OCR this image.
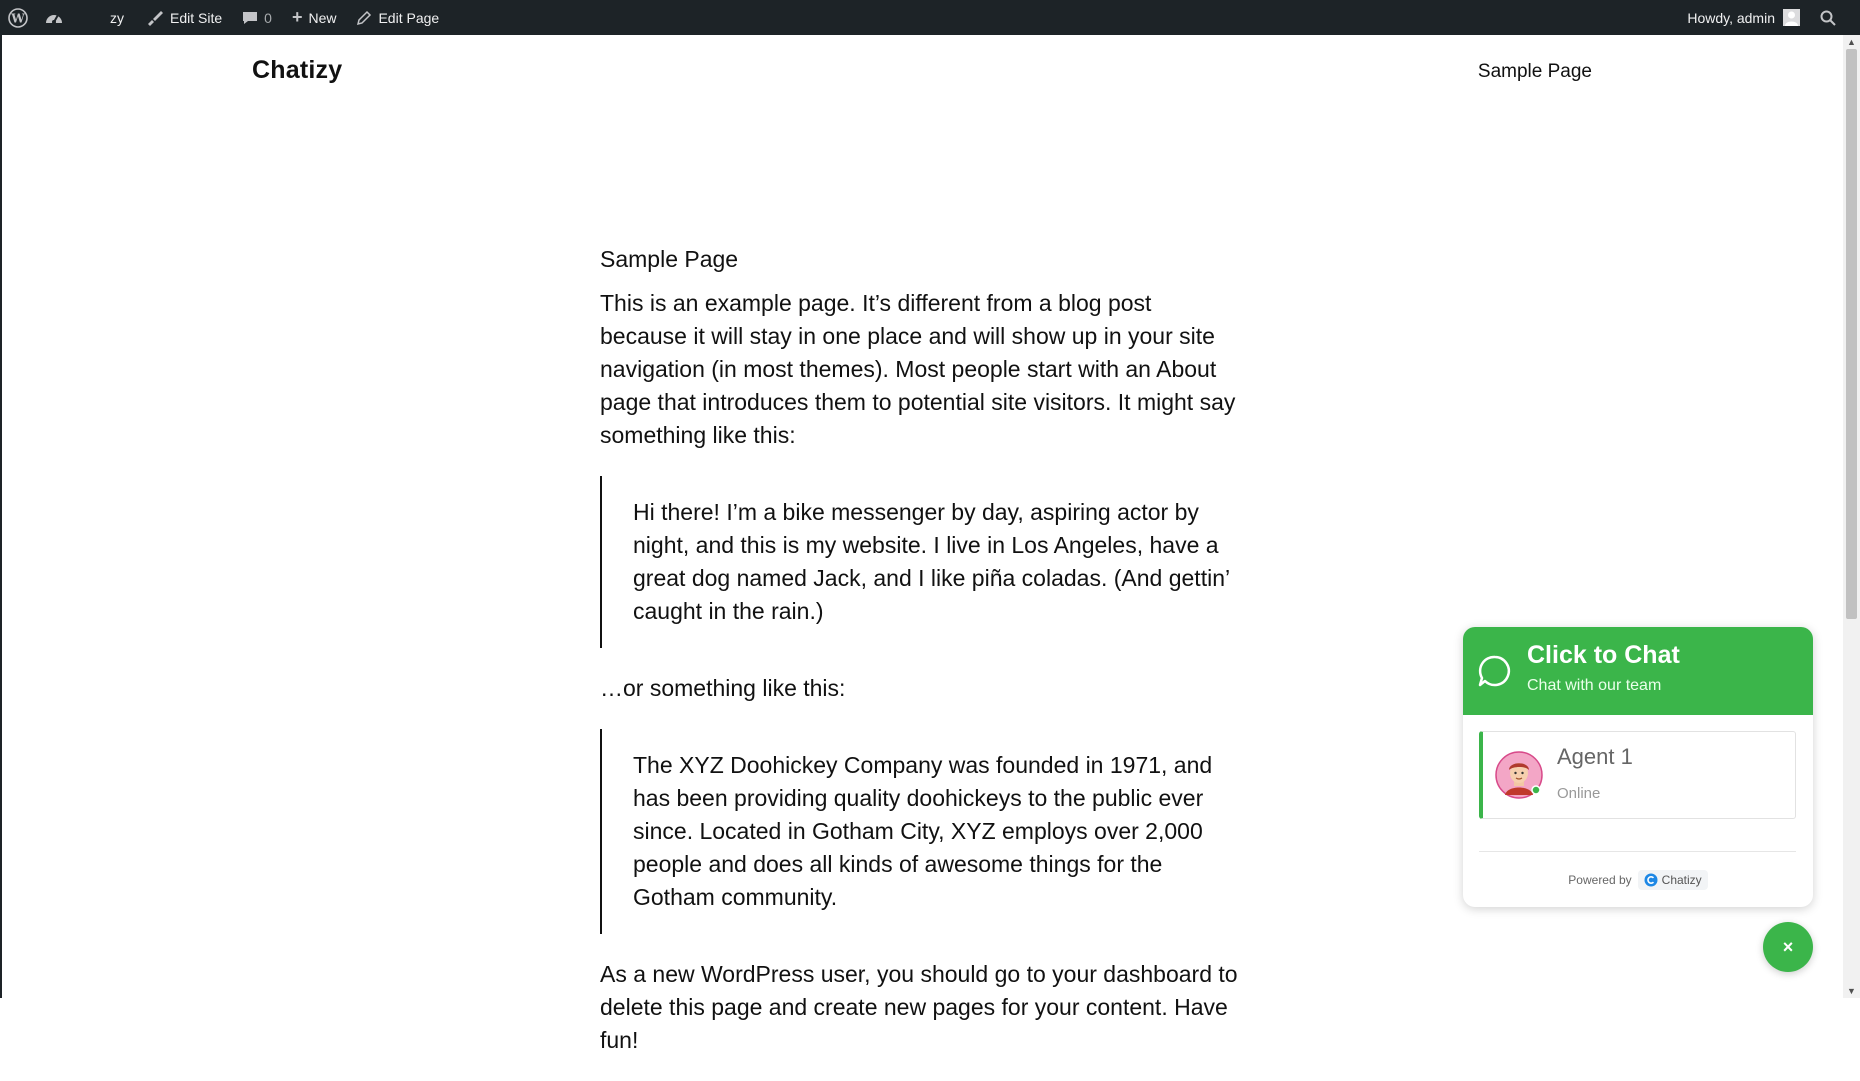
W	zy	Edit Site	0 + New	Edit Page	Howdy, admin
Chatizy	Sample Page
Sample Page

This is an example page. It’s different from a blog post because it will stay in one place and will show up in your site navigation (in most themes). Most people start with an About page that introduces them to potential site visitors. It might say something like this:

Hi there! I’m a bike messenger by day, aspiring actor by night, and this is my website. I live in Los Angeles, have a great dog named Jack, and I like piña coladas. (And gettin’ caught in the rain.)

…or something like this:

The XYZ Doohickey Company was founded in 1971, and has been providing quality doohickeys to the public ever since. Located in Gotham City, XYZ employs over 2,000 people and does all kinds of awesome things for the Gotham community.

As a new WordPress user, you should go to your dashboard to delete this page and create new pages for your content. Have fun!

▲
▼
Click to Chat
Chat with our team
Agent 1
Online
Powered by	Chatizy
×
